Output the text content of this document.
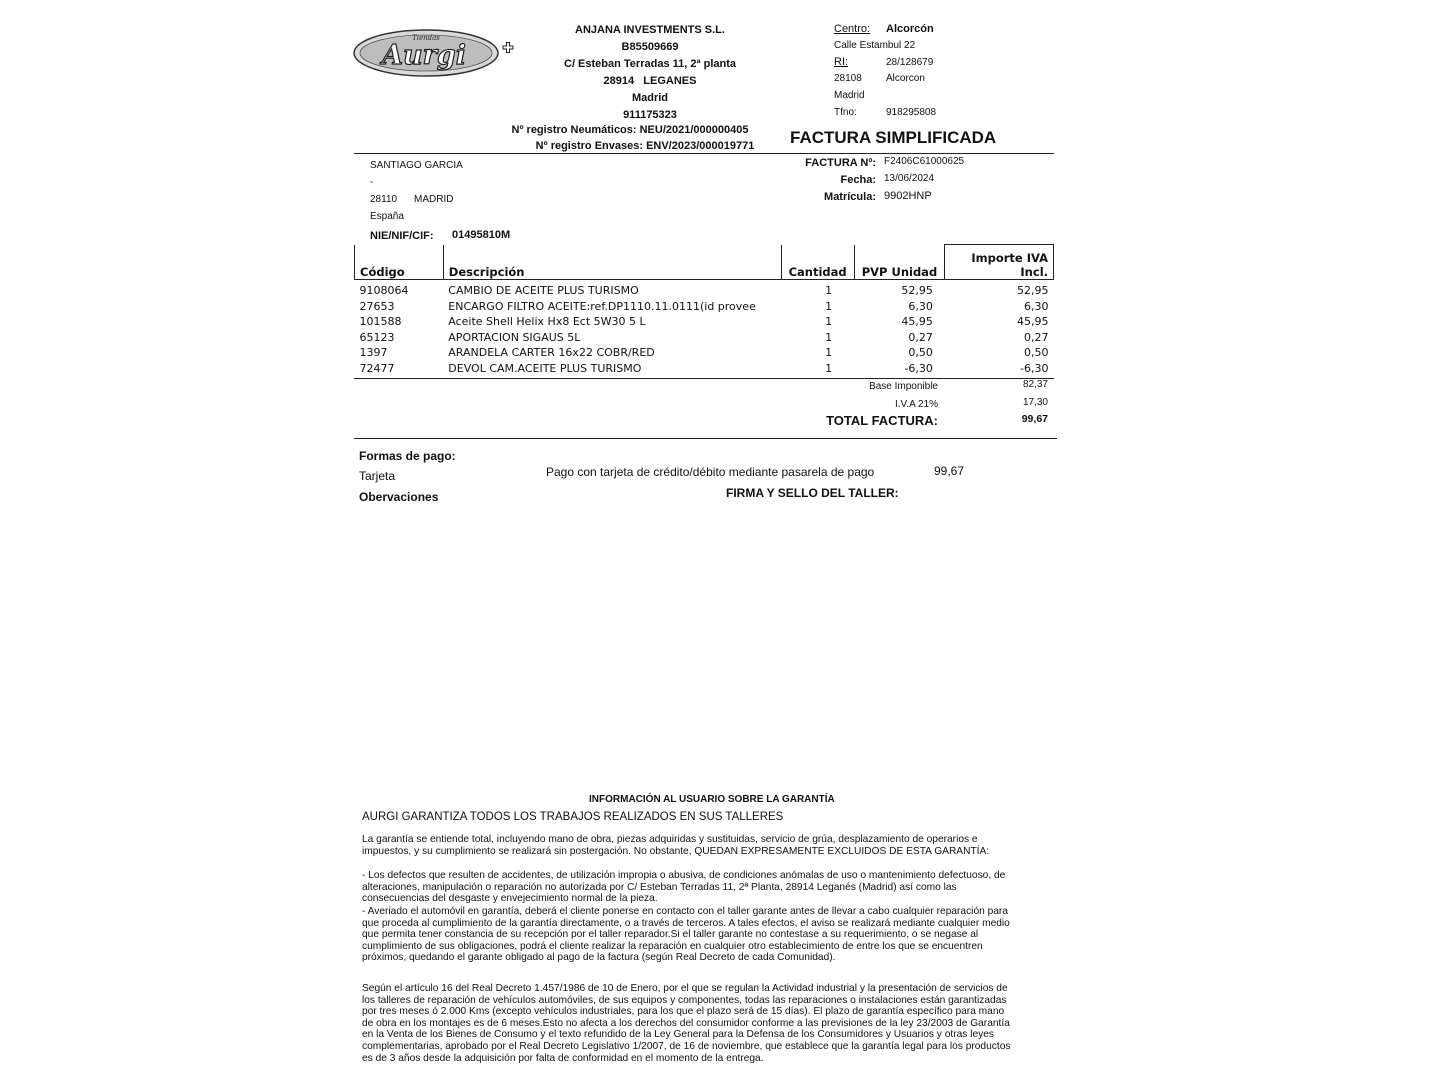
Tiendas
Aurgi
ANJANA INVESTMENTS S.L.
B85509669
C/ Esteban Terradas 11, 2ª planta
28914   LEGANES
Madrid
911175323
Nº registro Neumáticos: NEU/2021/000000405
Nº registro Envases: ENV/2023/000019771
Centro: Alcorcón
Calle Estambul 22
RI:	28/128679
28108 Alcorcon
Madrid
Tfno:	918295808
FACTURA SIMPLIFICADA
SANTIAGO GARCIA
-
28110 MADRID
España
NIE/NIF/CIF: 01495810M
FACTURA Nº: F2406C61000625
Fecha: 13/06/2024
Matrícula: 9902HNP
Código	Descripción	Cantidad	PVP Unidad	Importe IVA Incl.
9108064	CAMBIO DE ACEITE PLUS TURISMO	1	52,95	52,95
27653	ENCARGO FILTRO ACEITE:ref.DP1110.11.0111(id provee	1	6,30	6,30
101588	Aceite Shell Helix Hx8 Ect 5W30 5 L	1	45,95	45,95
65123	APORTACION SIGAUS 5L	1	0,27	0,27
1397	ARANDELA CARTER 16x22 COBR/RED	1	0,50	0,50
72477	DEVOL CAM.ACEITE PLUS TURISMO	1	-6,30	-6,30
Base Imponible	82,37
I.V.A 21%	17,30
TOTAL FACTURA:	99,67
Formas de pago:
Tarjeta	Pago con tarjeta de crédito/débito mediante pasarela de pago	99,67
Obervaciones	FIRMA Y SELLO DEL TALLER:
INFORMACIÓN AL USUARIO SOBRE LA GARANTÍA
AURGI GARANTIZA TODOS LOS TRABAJOS REALIZADOS EN SUS TALLERES

La garantía se entiende total, incluyendo mano de obra, piezas adquiridas y sustituidas, servicio de grúa, desplazamiento de operarios e

impuestos, y su cumplimiento se realizará sin postergación. No obstante, QUEDAN EXPRESAMENTE EXCLUIDOS DE ESTA GARANTÍA:

- Los defectos que resulten de accidentes, de utilización impropia o abusiva, de condiciones anómalas de uso o mantenimiento defectuoso, de

alteraciones, manipulación o reparación no autorizada por C/ Esteban Terradas 11, 2ª Planta, 28914 Leganés (Madrid) así como las

consecuencias del desgaste y envejecimiento normal de la pieza.

- Averiado el automóvil en garantía, deberá el cliente ponerse en contacto con el taller garante antes de llevar a cabo cualquier reparación para

que proceda al cumplimiento de la garantía directamente, o a través de terceros. A tales efectos, el aviso se realizará mediante cualquier medio

que permita tener constancia de su recepción por el taller reparador.Si el taller garante no contestase a su requerimiento, o se negase al

cumplimiento de sus obligaciones, podrá el cliente realizar la reparación en cualquier otro establecimiento de entre los que se encuentren

próximos, quedando el garante obligado al pago de la factura (según Real Decreto de cada Comunidad).

Según el artículo 16 del Real Decreto 1.457/1986 de 10 de Enero, por el que se regulan la Actividad industrial y la presentación de servicios de

los talleres de reparación de vehículos automóviles, de sus equipos y componentes, todas las reparaciones o instalaciones están garantizadas

por tres meses ó 2.000 Kms (excepto vehículos industriales, para los que el plazo será de 15 días). El plazo de garantía específico para mano

de obra en los montajes es de 6 meses.Esto no afecta a los derechos del consumidor conforme a las previsiones de la ley 23/2003 de Garantía

en la Venta de los Bienes de Consumo y el texto refundido de la Ley General para la Defensa de los Consumidores y Usuarios y otras leyes

complementarias, aprobado por el Real Decreto Legislativo 1/2007, de 16 de noviembre, que establece que la garantía legal para los productos

es de 3 años desde la adquisición por falta de conformidad en el momento de la entrega.
